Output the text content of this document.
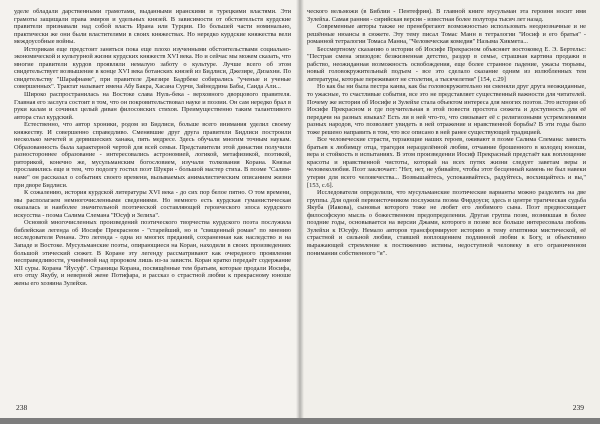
уделе обладали дарственными грамотами, выданными иранскими и турецкими властями. Эти грамоты защищали права эмиров и удельных князей. В зависимости от обстоятельств курдские правители признавали над собой власть Ирана или Турции. По большей части номинально, практически же они были властителями в своих княжествах. Но нередко курдские княжества вели междоусобные войны.

Историкам еще предстоит заняться пока еще плохо изученными обстоятельствами социально-экономической и культурной жизни курдских княжеств XVI века. Но и сейчас мы можем сказать, что многие правители курдов проявляли немалую заботу о культуре. Лучше всего об этом свидетельствует возвышение в конце XVI века ботанских князей из Бидлиси, Джезире, Дизахни. По свидетельству "Шарафнаме", при правителе Джезире Бадрбеке собирались "ученые и ученые совершенных". Трактат называет имена Абу Бакра, Хасана Сурчи, Зайнеддина Бабы, Саида Али...

Широко распространилась на Востоке слава Нуль-бека - верховного дворцового правителя. Главная его заслуга состоит в том, что он покровительствовал науке и поэзии. Он сам нередко брал в руки калам и сочинял целый диван филосовских стихов. Преимущественно таким талантливого автора стал курдский.

Естественно, что автор хроники, родом из Бидлиси, больше всего внимания уделил своему княжеству. И совершенно справедливо. Сменявшие друг друга правители Бидлиси построили несколько мечетей и дервишеских ханака, пять медресе. Здесь обучали многим точным наукам. Образованность была характерной чертой для всей семьи. Представители этой династии получили разностороннее образование - интересовались астрономией, логикой, метафизикой, поэтикой, риторикой, конечно же, мусульманским богословием, изучали толкования Корана. Князья прославились еще и тем, что подолгу гостил поэт Шукри - большой мастер стиха. В поэме "Салим-наме" он рассказал о событиях своего времени, вызываемых анималистическим описанием жизни при дворе Бидлиси.

К сожалению, история курдской литературы XVI века - до сих пор белое пятно. О том времени, мы располагаем немногочисленными сведениями. Но немного есть курдская гуманистическая оказалась и наиболее значительной поэтической составляющей героического эпоса курдского искусства - поэма Салима Слемана "Юсуф и Зелиха".

Основой многочисленных произведений поэтического творчества курдского поэта послужила библейская легенда об Иосифе Прекрасном - "старейший, но и "священный роман" по мнению исследователя Ренана. Это легенда - одна из многих преданий, сохраненная как наследство и на Западе и Востоке. Мусульманские поэты, опирающиеся на Коран, находили в своих произведениях большой этический сюжет. В Коране эту легенду рассматривают как очередного проявления несправедливости, учинённой над пророком лишь из-за зависти. Коран кратко передаёт содержание XII суры. Корана "Йусуф". Страницы Корана, посвящённые тем братьям, которые продали Иосифа, его отцу Якубу, и неверной жене Потифара, и рассказ о страстной любви к прекрасному юноше жены его хозяина Зулейхи.

238

ческого вельможи (в Библии - Пентефрия). В главной книге мусульман эта героиня носит имя Зулейха. Самая ранняя - сирийская версия - известная более полутора тысяч лет назад.

Современные авторы также не пренебрегают возможностью использовать неоднозначные и не решённые нюансы в сюжете. Эту тему писал Томас Манн в тетралогии "Иосиф и его братья" - романной тетралогии Томаса Манна, "Человеческая комедия" Назыма Хикмета...

Бессмертному сказанию о истории об Иосифе Прекрасном объясняет востоковед Е. Э. Бертельс: "Пестрая смена эпизодов: безжизненная детство, раздор в семье, страшная картина продажи в рабство, неожиданная возможность освобождения, еще более странное падение, ужасы тюрьмы, новый головокружительный подъем - все это сделало сказание одним из излюбленных тем литературы, которые переживают не столетия, а тысячелетия" [154, с.29]

Но как бы ни была пестра канва, как бы головокружительно ни сменяли друг друга неожиданные, то ужасные, то счастливые события, все это не представляет существенный важности для читателей. Почему же история об Иосифе и Зулейхе стала объектом интереса для многих поэтов. Это история об Иосифе Прекрасном и где поучительная в этой повести простота сюжета и доступность для её передачи на разных языках? Есть ли в ней что-то, что связывает её с религиозными устремлениями разных народов, что позволяет увидеть в ней отражение и нравственной борьбы? В эти годы было тоже решено направить в том, что все описано в ней ранее существующей традицией.

Все человеческие страсти, терзающие наших героев, оживают в поэме Салима Слемана: зависть братьев к любимцу отца, трагедия неразделённой любви, отчаяние брошенного в колодец юноши, вера и стойкость в испытаниях. В этом произведении Иосиф Прекрасный предстаёт как воплощение красоты и нравственной чистоты, который на всех путях жизни следует заветам веры и человеколюбия. Поэт заключает: "Нет, нет, не убивайте, чтобы этот бесценный камень не был навеки утерян для всего человечества... Возвышайтесь, успокаивайтесь, радуйтесь, восхищайтесь и вы," [153, c.6].

Исследователи определили, что мусульманские поэтические варианты можно разделить на две группы. Для одной первоисточником послужила поэма Фирдоуси; здесь в центре трагическая судьба Якуба (Иакова), сыновья которого тоже не любят его любимого сына. Поэт предвосхищает философскую мысль о божественном предопределении. Другая группа поэм, возникшая в более поздние годы, основывается на версии Джами, которого в поэме все больше интересовала любовь Зулейхи к Юсуфу. Немало авторов трансформируют историю в тему египтянки мистической, её страстной и сильной любви, ставшей воплощением подлинной любви к Богу, и объективно выражающей стремление к постижению истины, недоступной человеку в его ограниченном понимании собственного "я".

239
